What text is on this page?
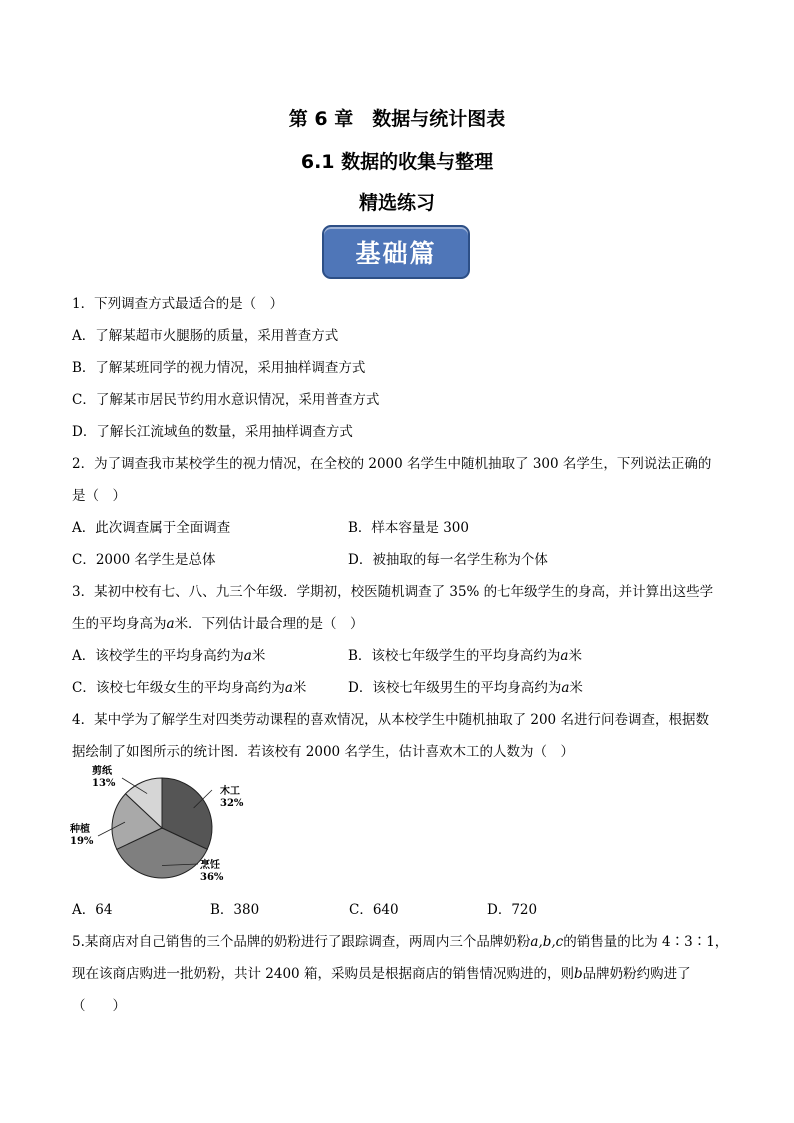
第 6 章　数据与统计图表
6.1 数据的收集与整理
精选练习
基础篇
1．下列调查方式最适合的是（　）
A．了解某超市火腿肠的质量，采用普查方式
B．了解某班同学的视力情况，采用抽样调查方式
C．了解某市居民节约用水意识情况，采用普查方式
D．了解长江流域鱼的数量，采用抽样调查方式
2．为了调查我市某校学生的视力情况，在全校的 2000 名学生中随机抽取了 300 名学生，下列说法正确的
是（　）
A．此次调查属于全面调查	B．样本容量是 300
C．2000 名学生是总体	D．被抽取的每一名学生称为个体
3．某初中校有七、八、九三个年级．学期初，校医随机调查了 35% 的七年级学生的身高，并计算出这些学
生的平均身高为a米．下列估计最合理的是（　）
A．该校学生的平均身高约为a米	B．该校七年级学生的平均身高约为a米
C．该校七年级女生的平均身高约为a米	D．该校七年级男生的平均身高约为a米
4．某中学为了解学生对四类劳动课程的喜欢情况，从本校学生中随机抽取了 200 名进行问卷调查，根据数
据绘制了如图所示的统计图．若该校有 2000 名学生，估计喜欢木工的人数为（　）
木工
32%
烹饪
36%
种植
19%
剪纸
13%
A．64	B．380	C．640	D．720
5.某商店对自己销售的三个品牌的奶粉进行了跟踪调查，两周内三个品牌奶粉a,b,c的销售量的比为 4∶3∶1，
现在该商店购进一批奶粉，共计 2400 箱，采购员是根据商店的销售情况购进的，则b品牌奶粉约购进了
（　　）
